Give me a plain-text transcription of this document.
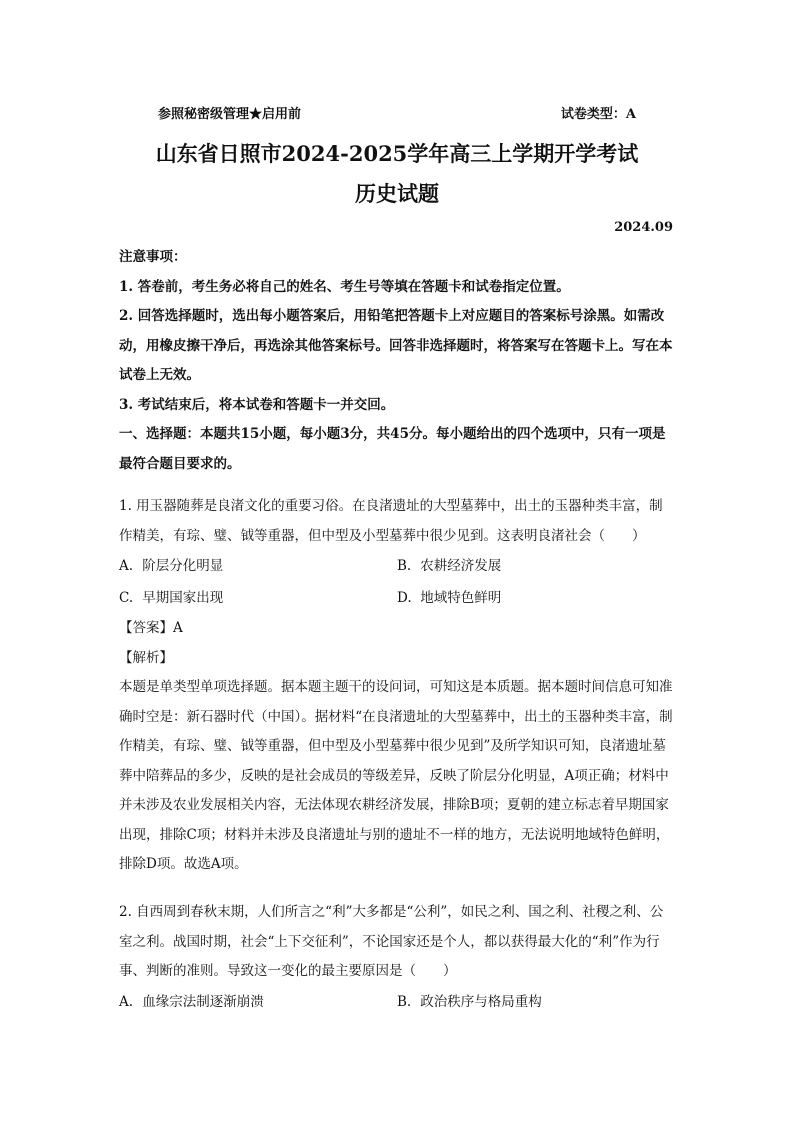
参照秘密级管理★启用前	试卷类型：A
山东省日照市2024-2025学年高三上学期开学考试
历史试题
2024.09

注意事项：

1. 答卷前，考生务必将自己的姓名、考生号等填在答题卡和试卷指定位置。

2. 回答选择题时，选出每小题答案后，用铅笔把答题卡上对应题目的答案标号涂黑。如需改动，用橡皮擦干净后，再选涂其他答案标号。回答非选择题时，将答案写在答题卡上。写在本试卷上无效。

3. 考试结束后，将本试卷和答题卡一并交回。

一、选择题：本题共15小题，每小题3分，共45分。每小题给出的四个选项中，只有一项是最符合题目要求的。

1. 用玉器随葬是良渚文化的重要习俗。在良渚遗址的大型墓葬中，出土的玉器种类丰富，制作精美，有琮、璧、钺等重器，但中型及小型墓葬中很少见到。这表明良渚社会（　　）

A. 阶层分化明显	B. 农耕经济发展
C. 早期国家出现	D. 地域特色鲜明

【答案】A

【解析】

本题是单类型单项选择题。据本题主题干的设问词，可知这是本质题。据本题时间信息可知准确时空是：新石器时代（中国）。据材料“在良渚遗址的大型墓葬中，出土的玉器种类丰富，制作精美，有琮、璧、钺等重器，但中型及小型墓葬中很少见到”及所学知识可知，良渚遗址墓葬中陪葬品的多少，反映的是社会成员的等级差异，反映了阶层分化明显，A项正确；材料中并未涉及农业发展相关内容，无法体现农耕经济发展，排除B项；夏朝的建立标志着早期国家出现，排除C项；材料并未涉及良渚遗址与别的遗址不一样的地方，无法说明地域特色鲜明，排除D项。故选A项。

2. 自西周到春秋末期，人们所言之“利”大多都是“公利”，如民之利、国之利、社稷之利、公室之利。战国时期，社会“上下交征利”，不论国家还是个人，都以获得最大化的“利”作为行事、判断的准则。导致这一变化的最主要原因是（　　）

A. 血缘宗法制逐渐崩溃	B. 政治秩序与格局重构
